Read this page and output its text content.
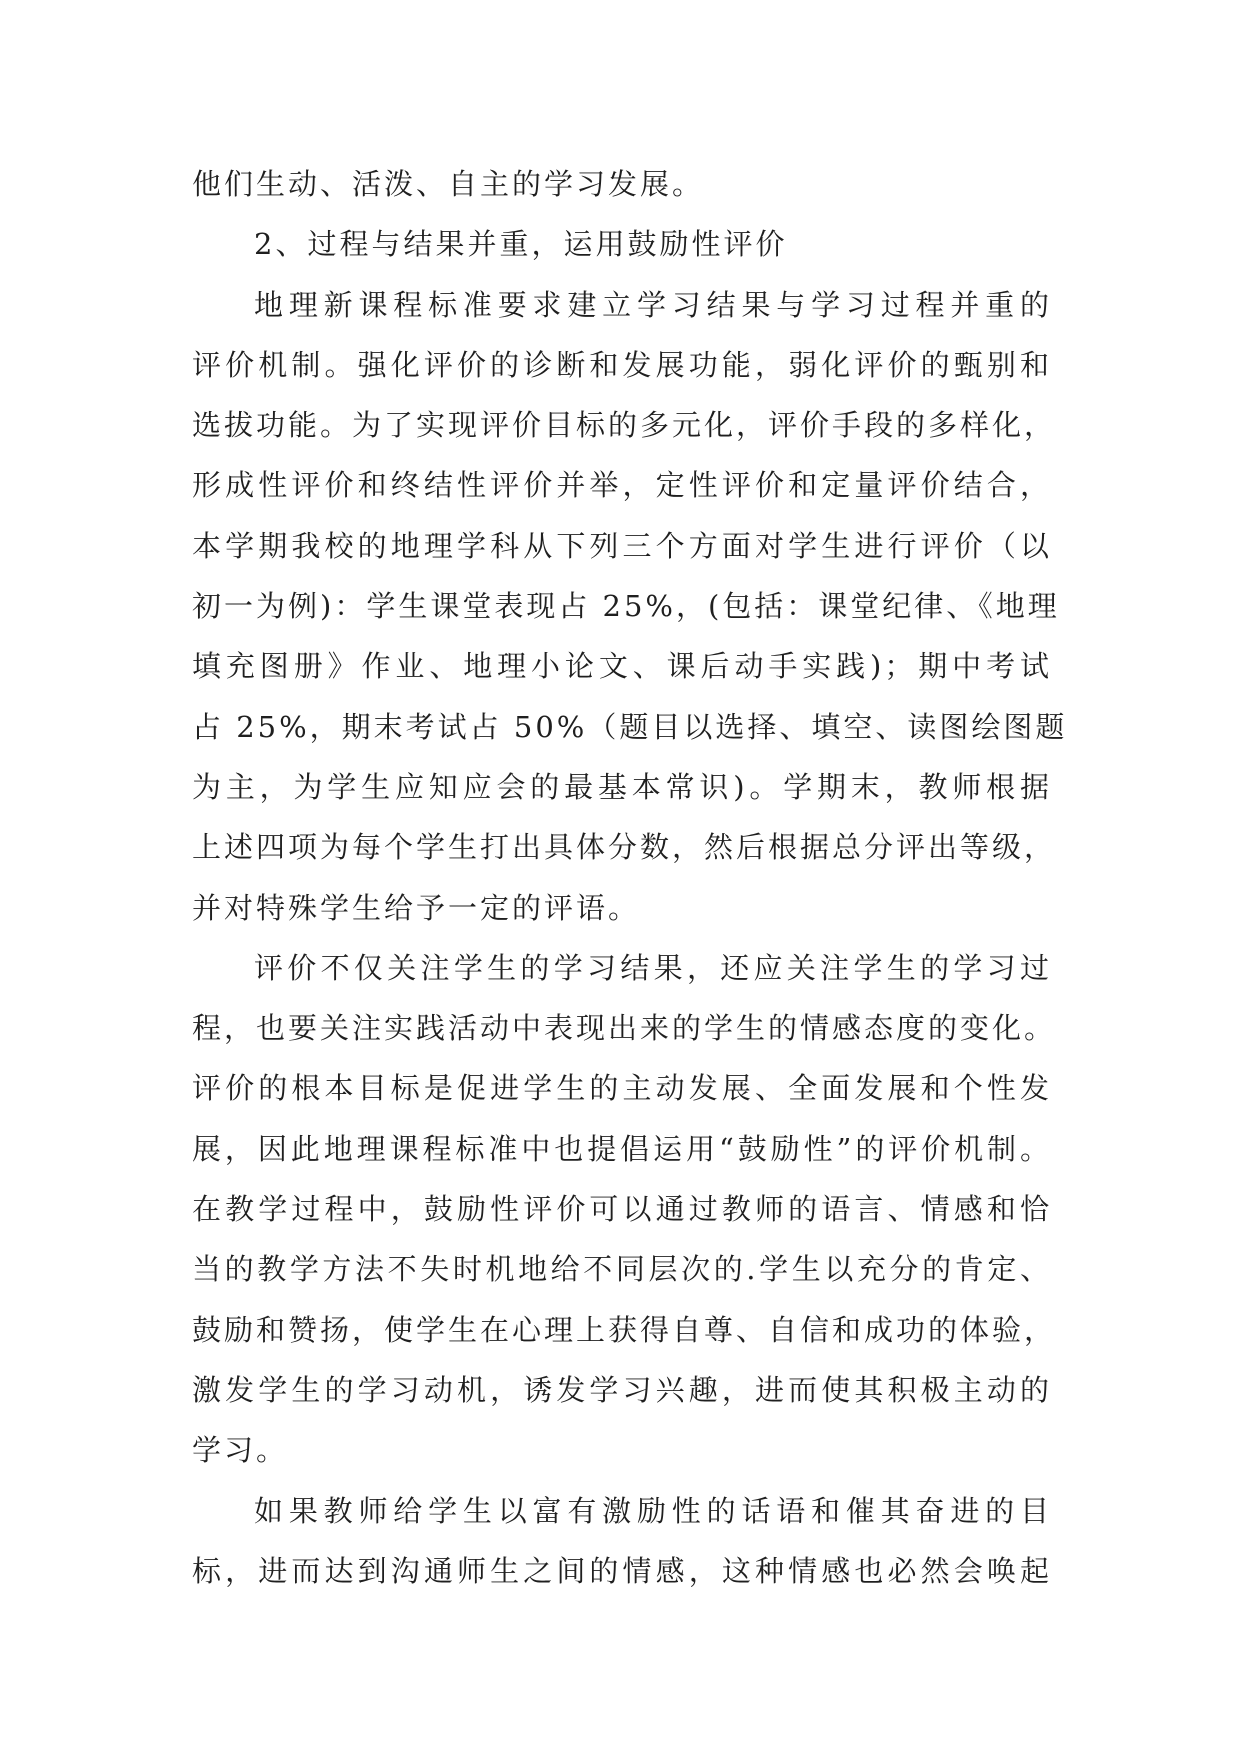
他们生动、活泼、自主的学习发展。
2、过程与结果并重，运用鼓励性评价
地理新课程标准要求建立学习结果与学习过程并重的
评价机制。强化评价的诊断和发展功能，弱化评价的甄别和
选拔功能。为了实现评价目标的多元化，评价手段的多样化，
形成性评价和终结性评价并举，定性评价和定量评价结合，
本学期我校的地理学科从下列三个方面对学生进行评价（以
初一为例)：学生课堂表现占 25%，(包括：课堂纪律、《地理
填充图册》作业、地理小论文、课后动手实践)；期中考试
占 25%，期末考试占 50%（题目以选择、填空、读图绘图题
为主，为学生应知应会的最基本常识)。学期末，教师根据
上述四项为每个学生打出具体分数，然后根据总分评出等级，
并对特殊学生给予一定的评语。
评价不仅关注学生的学习结果，还应关注学生的学习过
程，也要关注实践活动中表现出来的学生的情感态度的变化。
评价的根本目标是促进学生的主动发展、全面发展和个性发
展，因此地理课程标准中也提倡运用“鼓励性”的评价机制。
在教学过程中，鼓励性评价可以通过教师的语言、情感和恰
当的教学方法不失时机地给不同层次的.学生以充分的肯定、
鼓励和赞扬，使学生在心理上获得自尊、自信和成功的体验，
激发学生的学习动机，诱发学习兴趣，进而使其积极主动的
学习。
如果教师给学生以富有激励性的话语和催其奋进的目
标，进而达到沟通师生之间的情感，这种情感也必然会唤起
